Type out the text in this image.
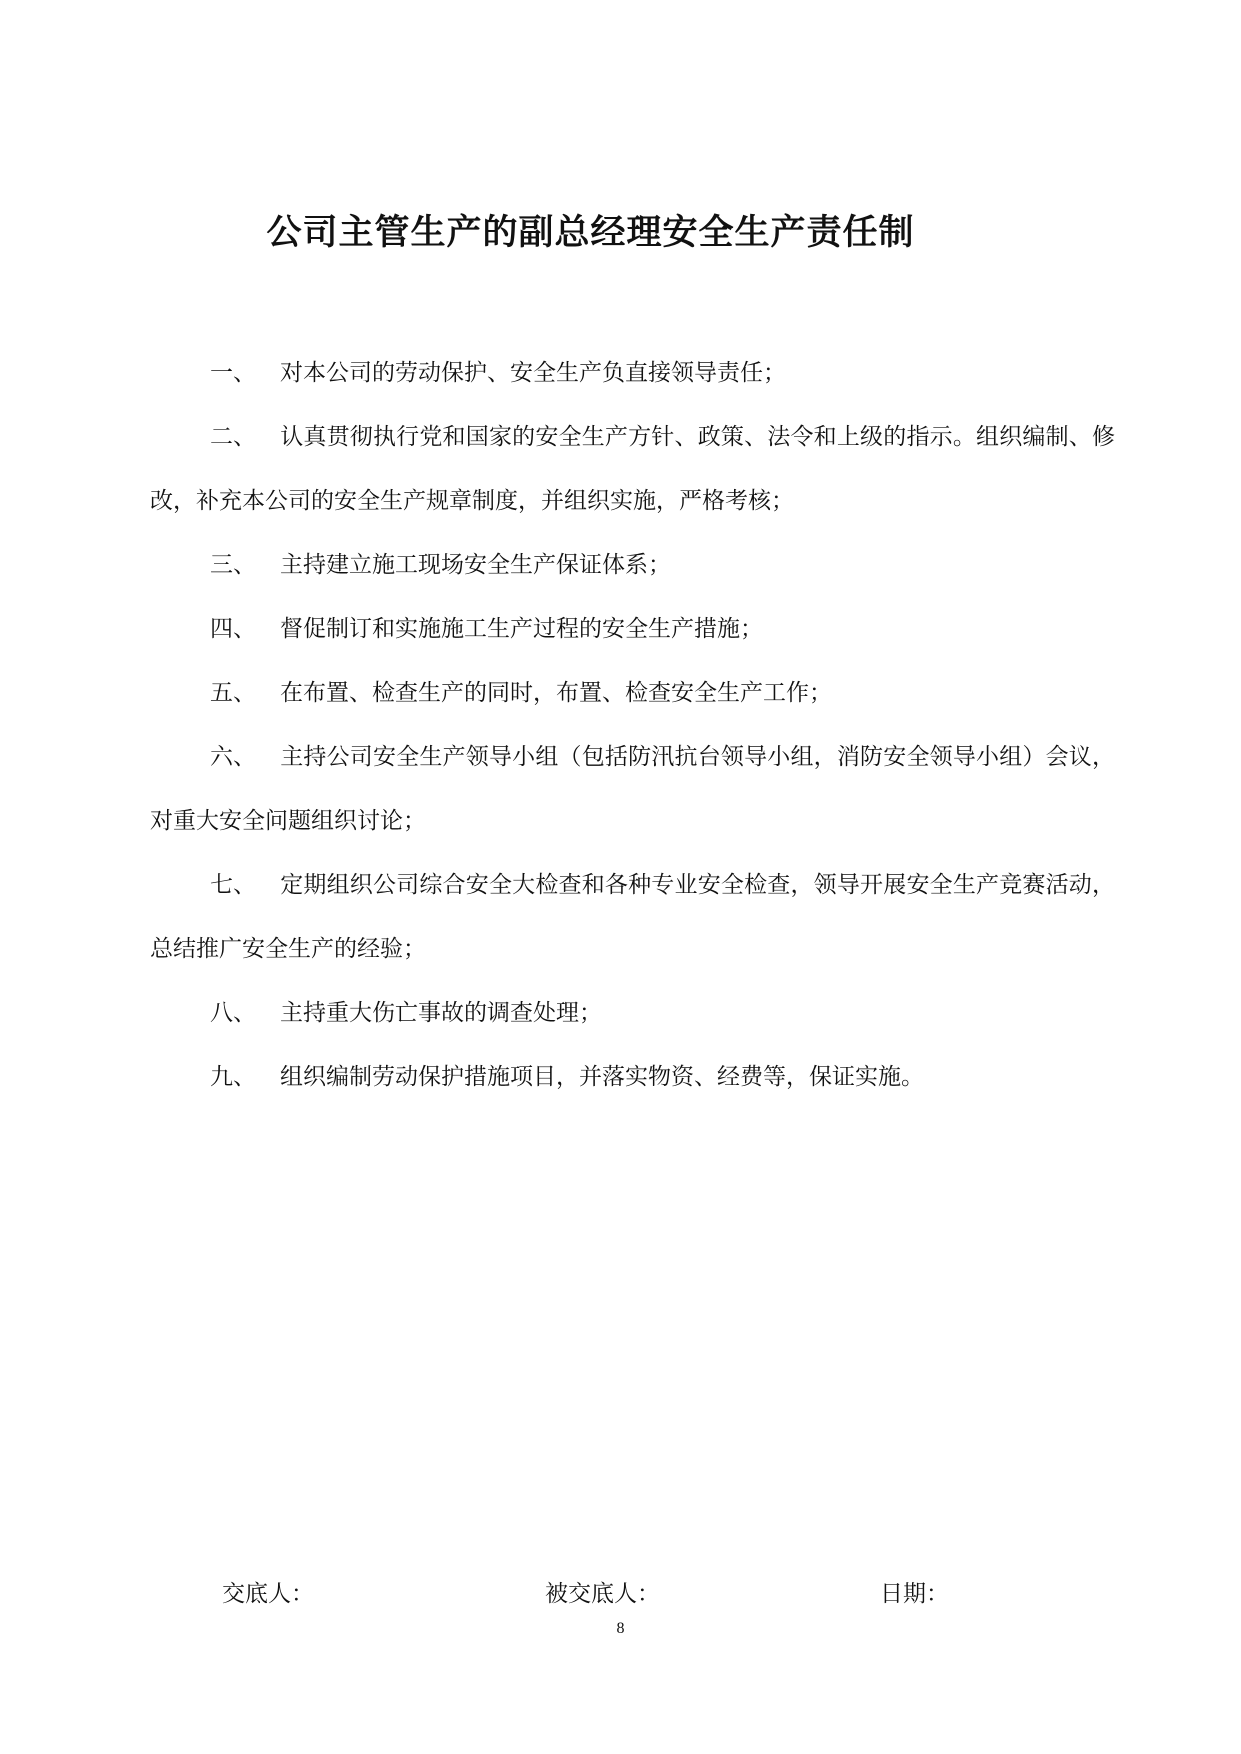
公司主管生产的副总经理安全生产责任制

一、 对本公司的劳动保护、安全生产负直接领导责任；

二、 认真贯彻执行党和国家的安全生产方针、政策、法令和上级的指示。组织编制、修改，补充本公司的安全生产规章制度，并组织实施，严格考核；

三、 主持建立施工现场安全生产保证体系；

四、 督促制订和实施施工生产过程的安全生产措施；

五、 在布置、检查生产的同时，布置、检查安全生产工作；

六、 主持公司安全生产领导小组（包括防汛抗台领导小组，消防安全领导小组）会议，对重大安全问题组织讨论；

七、 定期组织公司综合安全大检查和各种专业安全检查，领导开展安全生产竞赛活动，总结推广安全生产的经验；

八、 主持重大伤亡事故的调查处理；

九、 组织编制劳动保护措施项目，并落实物资、经费等，保证实施。

交底人：	被交底人：	日期：
8
